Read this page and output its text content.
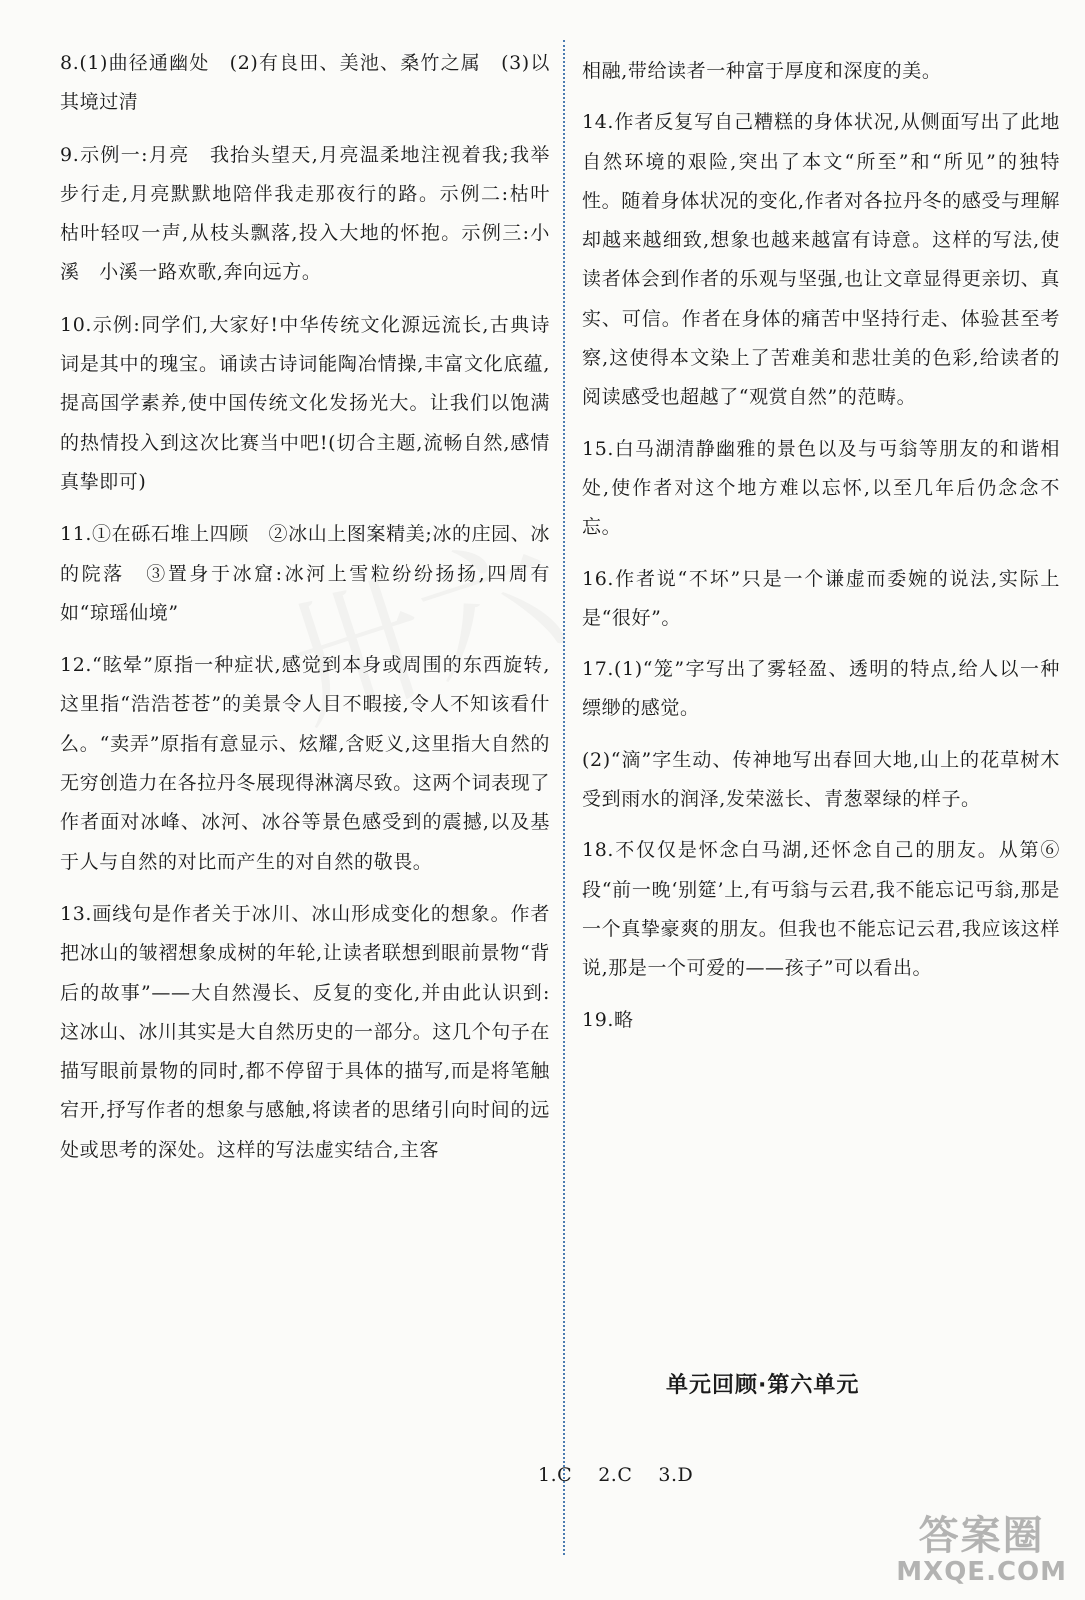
8.(1)曲径通幽处　(2)有良田、美池、桑竹之属　(3)以其境过清

9.示例一:月亮　我抬头望天,月亮温柔地注视着我;我举步行走,月亮默默地陪伴我走那夜行的路。示例二:枯叶　枯叶轻叹一声,从枝头飘落,投入大地的怀抱。示例三:小溪　小溪一路欢歌,奔向远方。

10.示例:同学们,大家好!中华传统文化源远流长,古典诗词是其中的瑰宝。诵读古诗词能陶冶情操,丰富文化底蕴,提高国学素养,使中国传统文化发扬光大。让我们以饱满的热情投入到这次比赛当中吧!(切合主题,流畅自然,感情真挚即可)

11.①在砾石堆上四顾　②冰山上图案精美;冰的庄园、冰的院落　③置身于冰窟:冰河上雪粒纷纷扬扬,四周有如“琼瑶仙境”

12.“眩晕”原指一种症状,感觉到本身或周围的东西旋转,这里指“浩浩苍苍”的美景令人目不暇接,令人不知该看什么。“卖弄”原指有意显示、炫耀,含贬义,这里指大自然的无穷创造力在各拉丹冬展现得淋漓尽致。这两个词表现了作者面对冰峰、冰河、冰谷等景色感受到的震撼,以及基于人与自然的对比而产生的对自然的敬畏。

13.画线句是作者关于冰川、冰山形成变化的想象。作者把冰山的皱褶想象成树的年轮,让读者联想到眼前景物“背后的故事”——大自然漫长、反复的变化,并由此认识到:这冰山、冰川其实是大自然历史的一部分。这几个句子在描写眼前景物的同时,都不停留于具体的描写,而是将笔触宕开,抒写作者的想象与感触,将读者的思绪引向时间的远处或思考的深处。这样的写法虚实结合,主客

相融,带给读者一种富于厚度和深度的美。

14.作者反复写自己糟糕的身体状况,从侧面写出了此地自然环境的艰险,突出了本文“所至”和“所见”的独特性。随着身体状况的变化,作者对各拉丹冬的感受与理解却越来越细致,想象也越来越富有诗意。这样的写法,使读者体会到作者的乐观与坚强,也让文章显得更亲切、真实、可信。作者在身体的痛苦中坚持行走、体验甚至考察,这使得本文染上了苦难美和悲壮美的色彩,给读者的阅读感受也超越了“观赏自然”的范畴。

15.白马湖清静幽雅的景色以及与丏翁等朋友的和谐相处,使作者对这个地方难以忘怀,以至几年后仍念念不忘。

16.作者说“不坏”只是一个谦虚而委婉的说法,实际上是“很好”。

17.(1)“笼”字写出了雾轻盈、透明的特点,给人以一种缥缈的感觉。

(2)“滴”字生动、传神地写出春回大地,山上的花草树木受到雨水的润泽,发荣滋长、青葱翠绿的样子。

18.不仅仅是怀念白马湖,还怀念自己的朋友。从第⑥段“前一晚‘别筵’上,有丏翁与云君,我不能忘记丏翁,那是一个真挚豪爽的朋友。但我也不能忘记云君,我应该这样说,那是一个可爱的——孩子”可以看出。

19.略

单元回顾·第六单元
1.C　 2.C　 3.D
答案圈
MXQE.COM
